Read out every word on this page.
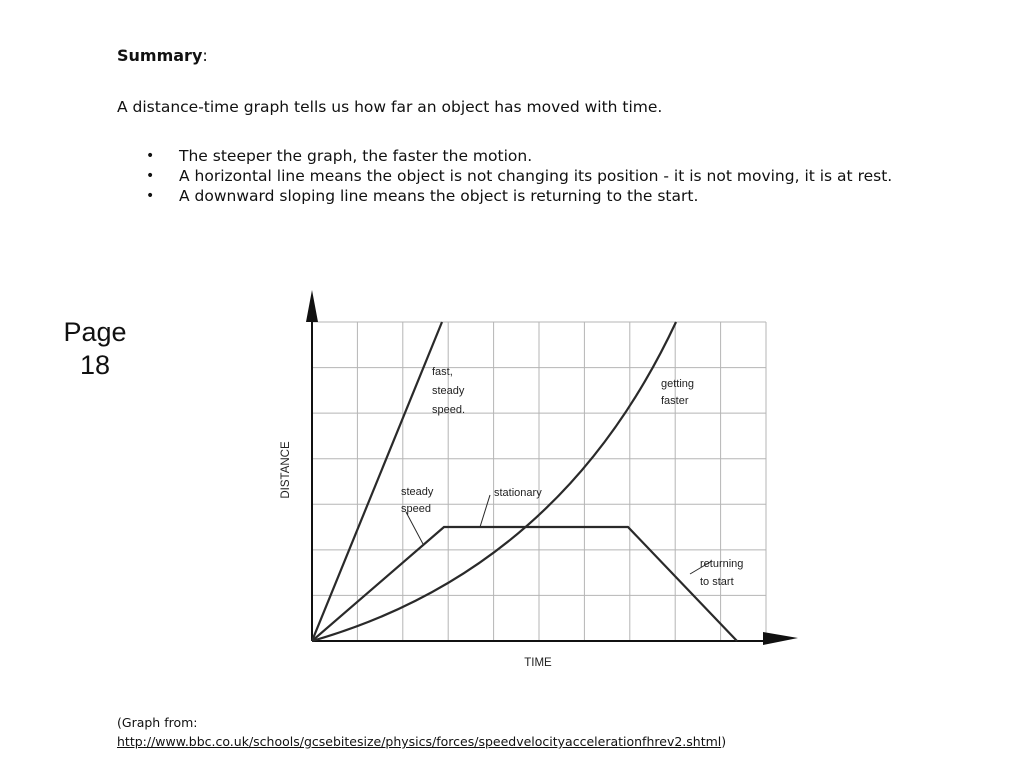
Summary:
A distance-time graph tells us how far an object has moved with time.
• The steeper the graph, the faster the motion.
• A horizontal line means the object is not changing its position - it is not moving, it is at rest.
• A downward sloping line means the object is returning to the start.
Page
18
DISTANCE
TIME
fast,
steady
speed.
getting
faster
steady
speed
stationary
returning
to start
(Graph from:
http://www.bbc.co.uk/schools/gcsebitesize/physics/forces/speedvelocityaccelerationfhrev2.shtml)
